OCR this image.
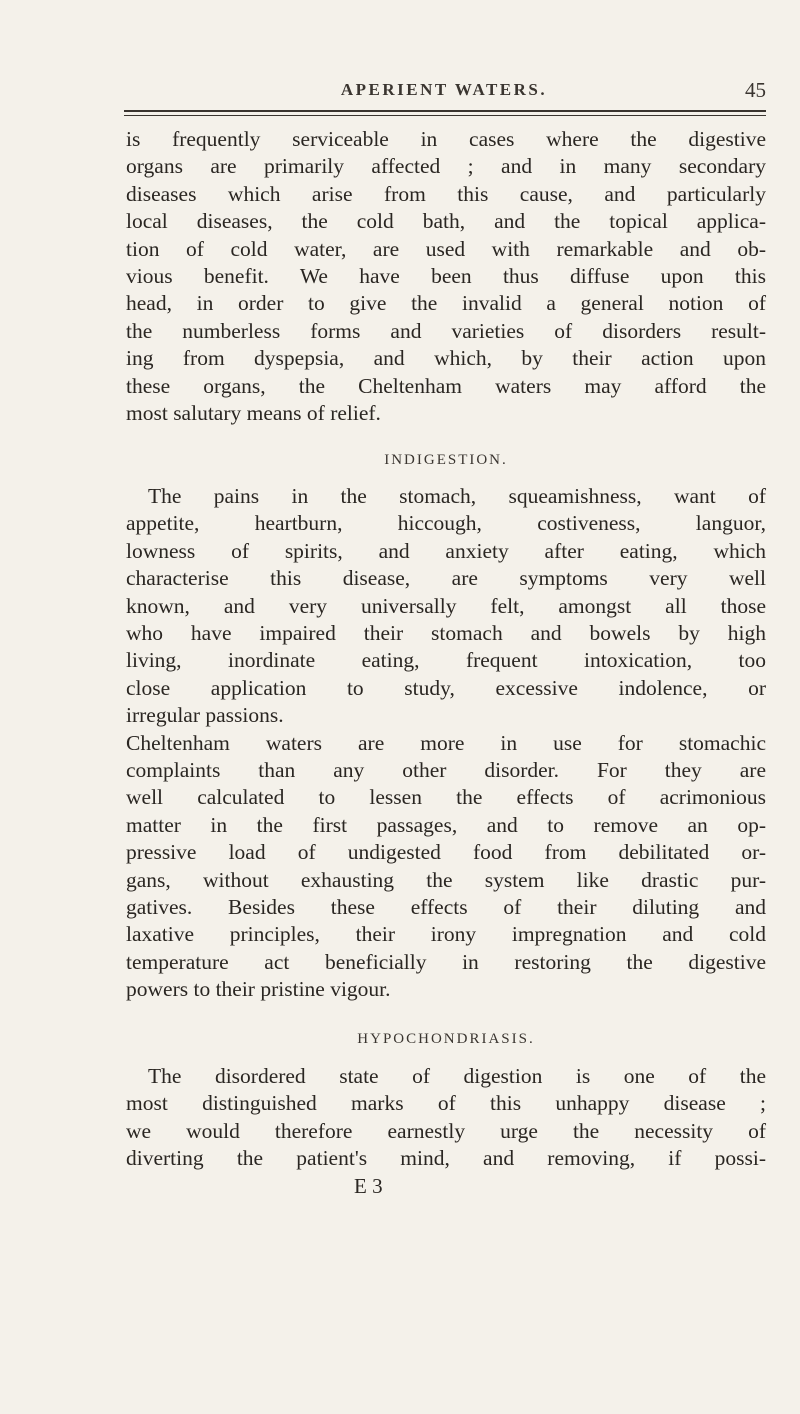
APERIENT WATERS.	45
is frequently serviceable in cases where the digestive
organs are primarily affected ; and in many secondary
diseases which arise from this cause, and particularly
local diseases, the cold bath, and the topical applica-
tion of cold water, are used with remarkable and ob-
vious benefit. We have been thus diffuse upon this
head, in order to give the invalid a general notion of
the numberless forms and varieties of disorders result-
ing from dyspepsia, and which, by their action upon
these organs, the Cheltenham waters may afford the
most salutary means of relief.
INDIGESTION.
The pains in the stomach, squeamishness, want of
appetite, heartburn, hiccough, costiveness, languor,
lowness of spirits, and anxiety after eating, which
characterise this disease, are symptoms very well
known, and very universally felt, amongst all those
who have impaired their stomach and bowels by high
living, inordinate eating, frequent intoxication, too
close application to study, excessive indolence, or
irregular passions.
Cheltenham waters are more in use for stomachic
complaints than any other disorder. For they are
well calculated to lessen the effects of acrimonious
matter in the first passages, and to remove an op-
pressive load of undigested food from debilitated or-
gans, without exhausting the system like drastic pur-
gatives. Besides these effects of their diluting and
laxative principles, their irony impregnation and cold
temperature act beneficially in restoring the digestive
powers to their pristine vigour.
HYPOCHONDRIASIS.
The disordered state of digestion is one of the
most distinguished marks of this unhappy disease ;
we would therefore earnestly urge the necessity of
diverting the patient's mind, and removing, if possi-
E 3
